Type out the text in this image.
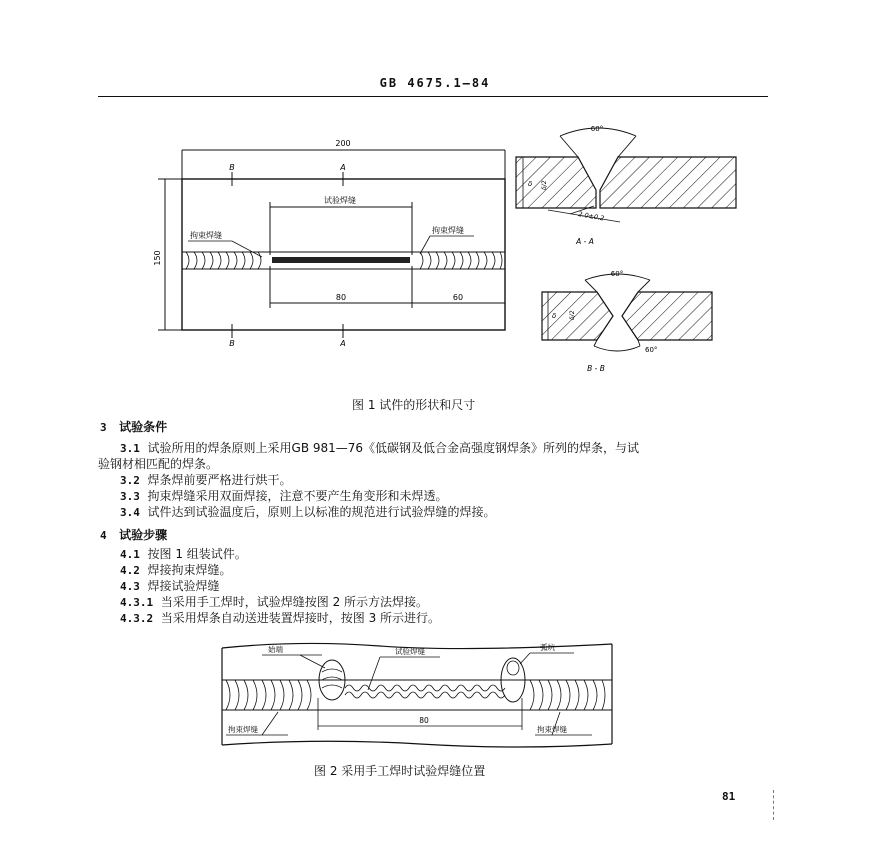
GB 4675.1—84
200
150
B	A
B	A
试验焊缝
拘束焊缝
拘束焊缝
80	60
60°
δ δ/2
2.0±0.2
A - A
60°
δ δ/2
60°
B - B
图 1 试件的形状和尺寸
3 试验条件
3.1 试验所用的焊条原则上采用GB 981—76《低碳钢及低合金高强度钢焊条》所列的焊条，与试
验钢材相匹配的焊条。
3.2 焊条焊前要严格进行烘干。
3.3 拘束焊缝采用双面焊接，注意不要产生角变形和未焊透。
3.4 试件达到试验温度后，原则上以标准的规范进行试验焊缝的焊接。
4 试验步骤
4.1 按图 1 组装试件。
4.2 焊接拘束焊缝。
4.3 焊接试验焊缝
4.3.1 当采用手工焊时，试验焊缝按图 2 所示方法焊接。
4.3.2 当采用焊条自动送进装置焊接时，按图 3 所示进行。
始端	试验焊缝	弧坑
80
拘束焊缝	拘束焊缝
图 2 采用手工焊时试验焊缝位置
81
